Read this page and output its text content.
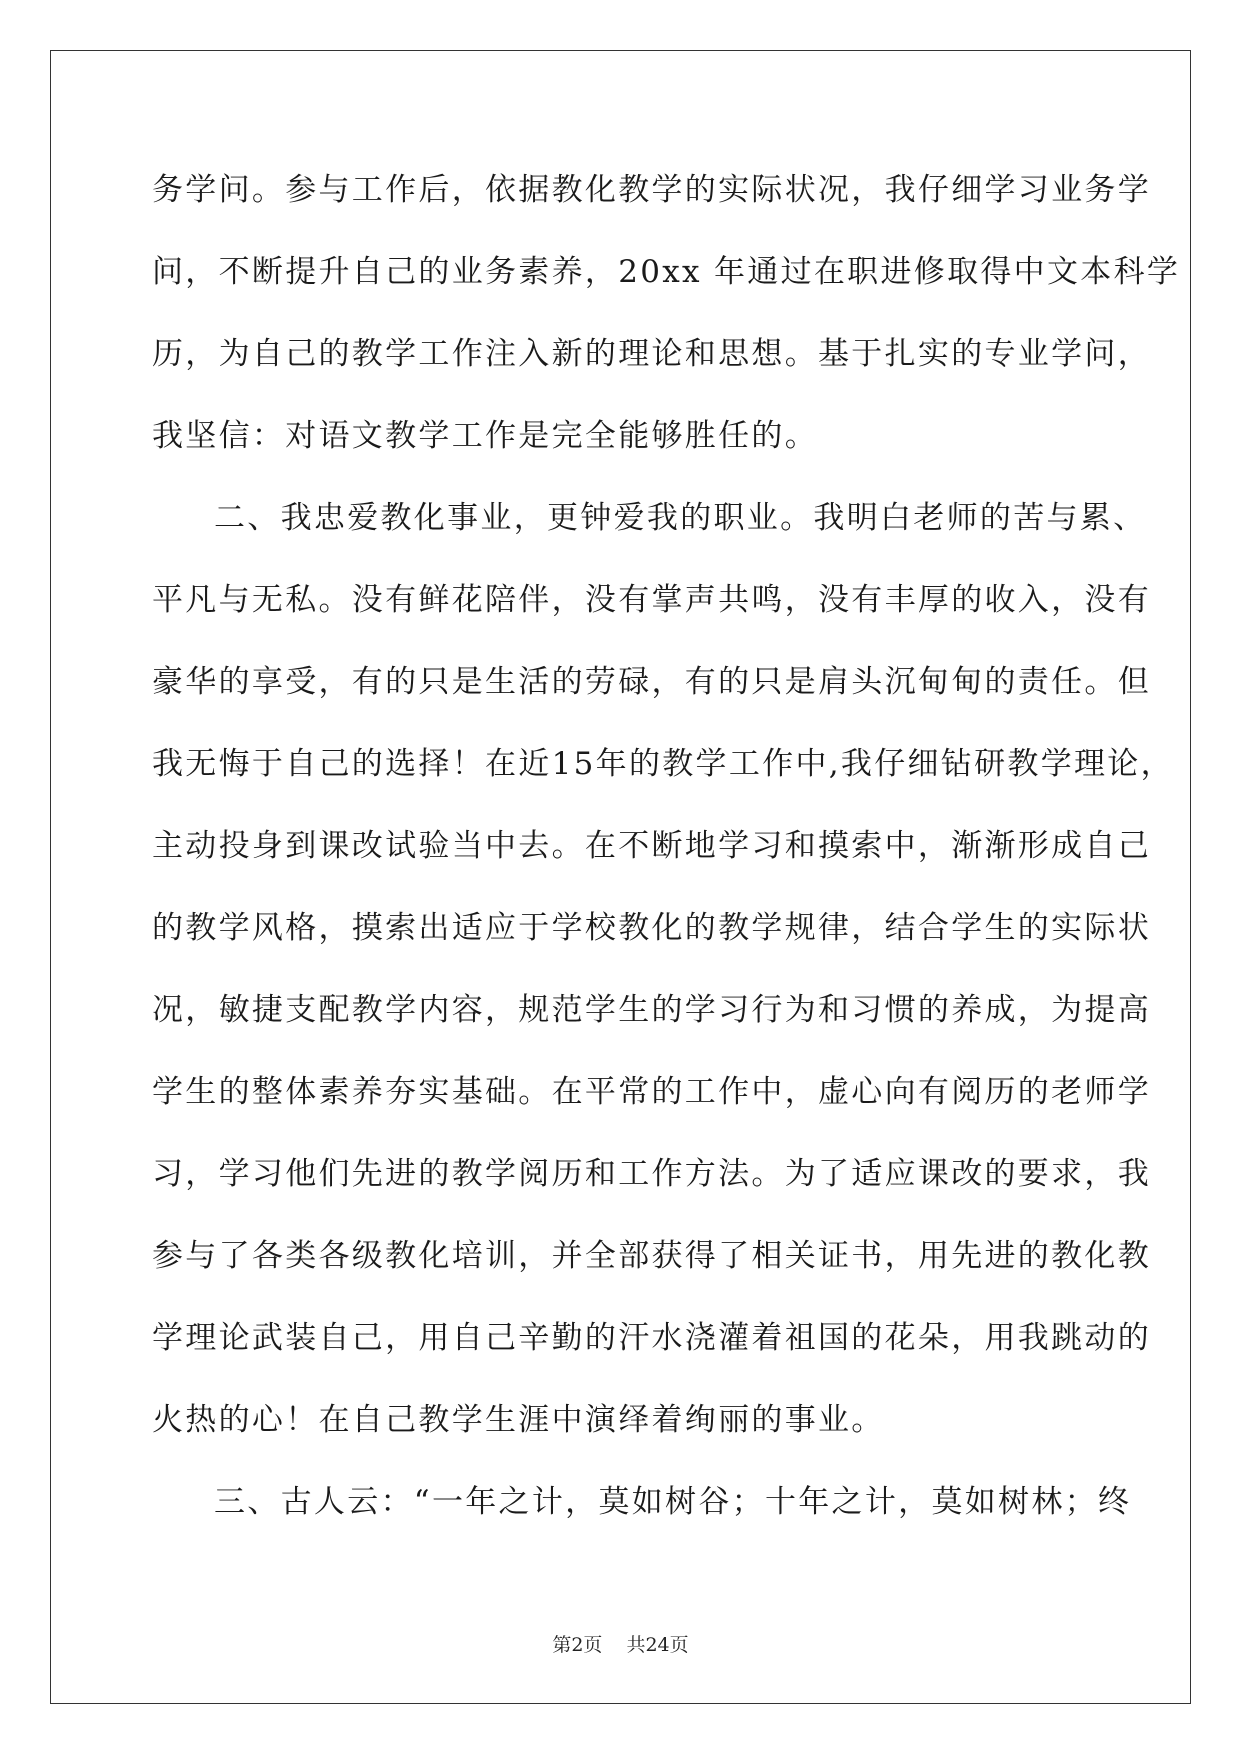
务学问。参与工作后，依据教化教学的实际状况，我仔细学习业务学
问，不断提升自己的业务素养，20xx 年通过在职进修取得中文本科学
历，为自己的教学工作注入新的理论和思想。基于扎实的专业学问，
我坚信：对语文教学工作是完全能够胜任的。
二、我忠爱教化事业，更钟爱我的职业。我明白老师的苦与累、
平凡与无私。没有鲜花陪伴，没有掌声共鸣，没有丰厚的收入，没有
豪华的享受，有的只是生活的劳碌，有的只是肩头沉甸甸的责任。但
我无悔于自己的选择！在近15年的教学工作中,我仔细钻研教学理论，
主动投身到课改试验当中去。在不断地学习和摸索中，渐渐形成自己
的教学风格，摸索出适应于学校教化的教学规律，结合学生的实际状
况，敏捷支配教学内容，规范学生的学习行为和习惯的养成，为提高
学生的整体素养夯实基础。在平常的工作中，虚心向有阅历的老师学
习，学习他们先进的教学阅历和工作方法。为了适应课改的要求，我
参与了各类各级教化培训，并全部获得了相关证书，用先进的教化教
学理论武装自己，用自己辛勤的汗水浇灌着祖国的花朵，用我跳动的
火热的心！在自己教学生涯中演绎着绚丽的事业。
三、古人云：“一年之计，莫如树谷；十年之计，莫如树林；终
第2页 共24页
